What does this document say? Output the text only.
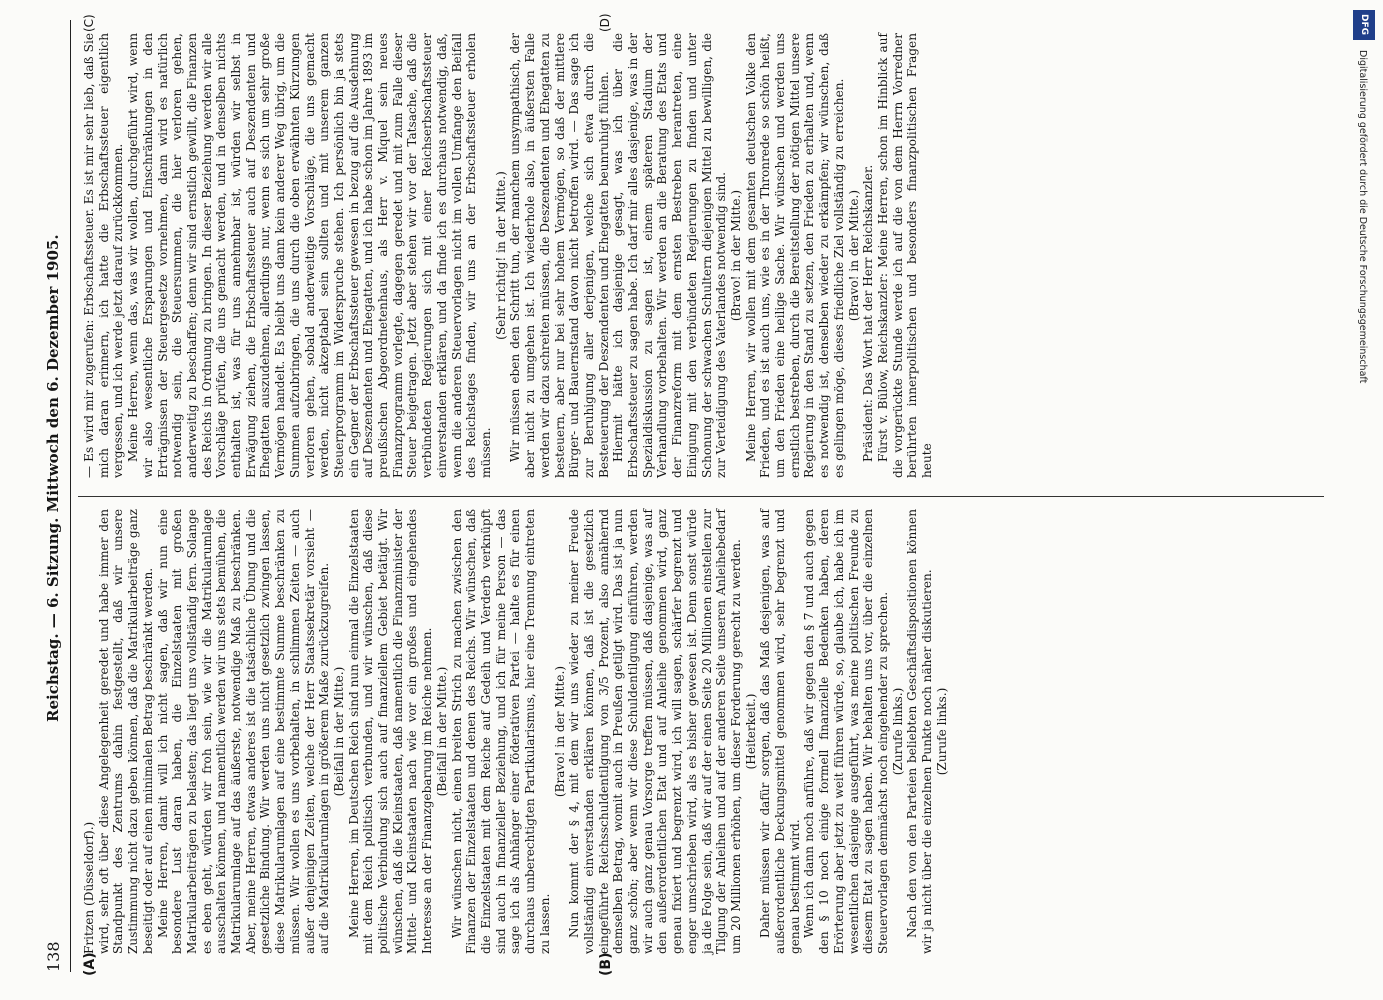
138
Reichstag. — 6. Sitzung. Mittwoch den 6. Dezember 1905.

Fritzen (Düsseldorf).) wird, sehr oft über diese Angelegenheit geredet und habe immer den Standpunkt des Zentrums dahin festgestellt, daß wir unsere Zustimmung nicht dazu geben können, daß die Matrikularbeiträge ganz beseitigt oder auf einen minimalen Betrag beschränkt werden. Meine Herren, damit will ich nicht sagen, daß wir nun eine besondere Lust daran haben, die Einzelstaaten mit großen Matrikularbeiträgen zu belasten; das liegt uns vollständig fern. Solange es eben geht, würden wir froh sein, wie wir die Matrikularumlage ausschalten können, und namentlich werden wir uns stets bemühen, die Matrikularumlage auf das äußerste, notwendige Maß zu beschränken. Aber, meine Herren, etwas anderes ist die tatsächliche Übung und die gesetzliche Bindung. Wir werden uns nicht gesetzlich zwingen lassen, diese Matrikularumlagen auf eine bestimmte Summe beschränken zu müssen. Wir wollen es uns vorbehalten, in schlimmen Zeiten — auch außer denjenigen Zeiten, welche der Herr Staatssekretär vorsieht — auf die Matrikularumlagen in größerem Maße zurückzugreifen. (Beifall in der Mitte.) Meine Herren, im Deutschen Reich sind nun einmal die Einzelstaaten mit dem Reich politisch verbunden, und wir wünschen, daß diese politische Verbindung sich auch auf finanziellem Gebiet betätigt. Wir wünschen, daß die Kleinstaaten, daß namentlich die Finanzminister der Mittel- und Kleinstaaten nach wie vor ein großes und eingehendes Interesse an der Finanzgebarung im Reiche nehmen. (Beifall in der Mitte.) Wir wünschen nicht, einen breiten Strich zu machen zwischen den Finanzen der Einzelstaaten und denen des Reichs. Wir wünschen, daß die Einzelstaaten mit dem Reiche auf Gedeih und Verderb verknüpft sind auch in finanzieller Beziehung, und ich für meine Person — das sage ich als Anhänger einer föderativen Partei — halte es für einen durchaus unberechtigten Partikularismus, hier eine Trennung eintreten zu lassen.

(Bravo! in der Mitte.) Nun kommt der § 4, mit dem wir uns wieder zu meiner Freude vollständig einverstanden erklären können, daß ist die gesetzlich eingeführte Reichsschuldentilgung von 3/5 Prozent, also annähernd demselben Betrag, womit auch in Preußen getilgt wird. Das ist ja nun ganz schön; aber wenn wir diese Schuldentilgung einführen, werden wir auch ganz genau Vorsorge treffen müssen, daß dasjenige, was auf den außerordentlichen Etat und auf Anleihe genommen wird, ganz genau fixiert und begrenzt wird, ich will sagen, schärfer begrenzt und enger umschrieben wird, als es bisher gewesen ist. Denn sonst würde ja die Folge sein, daß wir auf der einen Seite 20 Millionen einstellen zur Tilgung der Anleihen und auf der anderen Seite unseren Anleihebedarf um 20 Millionen erhöhen, um dieser Forderung gerecht zu werden. (Heiterkeit.) Daher müssen wir dafür sorgen, daß das Maß desjenigen, was auf außerordentliche Deckungsmittel genommen wird, sehr begrenzt und genau bestimmt wird. Wenn ich dann noch anführe, daß wir gegen den § 7 und auch gegen den § 10 noch einige formell finanzielle Bedenken haben, deren Erörterung aber jetzt zu weit führen würde, so, glaube ich, habe ich im wesentlichen dasjenige ausgeführt, was meine politischen Freunde zu diesem Etat zu sagen haben. Wir behalten uns vor, über die einzelnen Steuervorlagen demnächst noch eingehender zu sprechen. (Zurufe links.) Nach den von den Parteien beliebten Geschäftsdispositionen können wir ja nicht über die einzelnen Punkte noch näher diskutieren. (Zurufe links.)

— Es wird mir zugerufen: Erbschaftssteuer. Es ist mir sehr lieb, daß Sie mich daran erinnern, ich hatte die Erbschaftssteuer eigentlich vergessen, und ich werde jetzt darauf zurückkommen. Meine Herren, wenn das, was wir wollen, durchgeführt wird, wenn wir also wesentliche Ersparungen und Einschränkungen in den Erträgnissen der Steuergesetze vornehmen, dann wird es natürlich notwendig sein, die Steuersummen, die hier verloren gehen, anderweitig zu beschaffen; denn wir sind ernstlich gewillt, die Finanzen des Reichs in Ordnung zu bringen. In dieser Beziehung werden wir alle Vorschläge prüfen, die uns gemacht werden, und in denselben nichts enthalten ist, was für uns annehmbar ist, würden wir selbst in Erwägung ziehen, die Erbschaftssteuer auch auf Deszendenten und Ehegatten auszudehnen, allerdings nur, wenn es sich um sehr große Vermögen handelt. Es bleibt uns dann kein anderer Weg übrig, um die Summen aufzubringen, die uns durch die oben erwähnten Kürzungen verloren gehen, sobald anderweitige Vorschläge, die uns gemacht werden, nicht akzeptabel sein sollten und mit unserem ganzen Steuerprogramm im Widerspruche stehen. Ich persönlich bin ja stets ein Gegner der Erbschaftssteuer gewesen in bezug auf die Ausdehnung auf Deszendenten und Ehegatten, und ich habe schon im Jahre 1893 im preußischen Abgeordnetenhaus, als Herr v. Miquel sein neues Finanzprogramm vorlegte, dagegen geredet und mit zum Falle dieser Steuer beigetragen. Jetzt aber stehen wir vor der Tatsache, daß die verbündeten Regierungen sich mit einer Reichserbschaftssteuer einverstanden erklären, und da finde ich es durchaus notwendig, daß, wenn die anderen Steuervorlagen nicht im vollen Umfange den Beifall des Reichstages finden, wir uns an der Erbschaftssteuer erholen müssen.

(Sehr richtig! in der Mitte.) Wir müssen eben den Schritt tun, der manchem unsympathisch, der aber nicht zu umgehen ist. Ich wiederhole also, in äußersten Falle werden wir dazu schreiten müssen, die Deszendenten und Ehegatten zu besteuern, aber nur bei sehr hohem Vermögen, so daß der mittlere Bürger- und Bauernstand davon nicht betroffen wird. — Das sage ich zur Beruhigung aller derjenigen, welche sich etwa durch die Besteuerung der Deszendenten und Ehegatten beunruhigt fühlen. Hiermit hätte ich dasjenige gesagt, was ich über die Erbschaftssteuer zu sagen habe. Ich darf mir alles dasjenige, was in der Spezialdiskussion zu sagen ist, einem späteren Stadium der Verhandlung vorbehalten. Wir werden an die Beratung des Etats und der Finanzreform mit dem ernsten Bestreben herantreten, eine Einigung mit den verbündeten Regierungen zu finden und unter Schonung der schwachen Schultern diejenigen Mittel zu bewilligen, die zur Verteidigung des Vaterlandes notwendig sind. (Bravo! in der Mitte.) Meine Herren, wir wollen mit dem gesamten deutschen Volke den Frieden, und es ist auch uns, wie es in der Thronrede so schön heißt, um den Frieden eine heilige Sache. Wir wünschen und werden uns ernstlich bestreben, durch die Bereitstellung der nötigen Mittel unsere Regierung in den Stand zu setzen, den Frieden zu erhalten und, wenn es notwendig ist, denselben wieder zu erkämpfen; wir wünschen, daß es gelingen möge, dieses friedliche Ziel vollständig zu erreichen. (Bravo! in der Mitte.) Präsident: Das Wort hat der Herr Reichskanzler. Fürst v. Bülow, Reichskanzler: Meine Herren, schon im Hinblick auf die vorgerückte Stunde werde ich auf die von dem Herrn Vorredner berührten innerpolitischen und besonders finanzpolitischen Fragen heute

(A)	(B)
(C)	(D)	DFG
Digitalisierung gefördert durch die Deutsche Forschungsgemeinschaft
